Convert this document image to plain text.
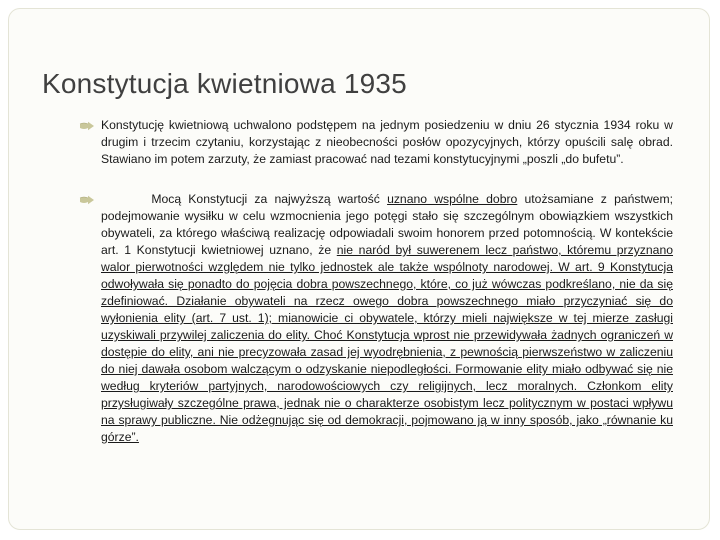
Konstytucja kwietniowa 1935
Konstytucję kwietniową uchwalono podstępem na jednym posiedzeniu w dniu 26 stycznia 1934 roku w drugim i trzecim czytaniu, korzystając z nieobecności posłów opozycyjnych, którzy opuścili salę obrad. Stawiano im potem zarzuty, że zamiast pracować nad tezami konstytucyjnymi „poszli „do bufetu”.
Mocą Konstytucji za najwyższą wartość uznano wspólne dobro utożsamiane z państwem; podejmowanie wysiłku w celu wzmocnienia jego potęgi stało się szczególnym obowiązkiem wszystkich obywateli, za którego właściwą realizację odpowiadali swoim honorem przed potomnością. W kontekście art. 1 Konstytucji kwietniowej uznano, że nie naród był suwerenem lecz państwo, któremu przyznano walor pierwotności względem nie tylko jednostek ale także wspólnoty narodowej. W art. 9 Konstytucja odwoływała się ponadto do pojęcia dobra powszechnego, które, co już wówczas podkreślano, nie da się zdefiniować. Działanie obywateli na rzecz owego dobra powszechnego miało przyczyniać się do wyłonienia elity (art. 7 ust. 1); mianowicie ci obywatele, którzy mieli największe w tej mierze zasługi uzyskiwali przywilej zaliczenia do elity. Choć Konstytucja wprost nie przewidywała żadnych ograniczeń w dostępie do elity, ani nie precyzowała zasad jej wyodrębnienia, z pewnością pierwszeństwo w zaliczeniu do niej dawała osobom walczącym o odzyskanie niepodległości. Formowanie elity miało odbywać się nie według kryteriów partyjnych, narodowościowych czy religijnych, lecz moralnych. Członkom elity przysługiwały szczególne prawa, jednak nie o charakterze osobistym lecz politycznym w postaci wpływu na sprawy publiczne. Nie odżegnując się od demokracji, pojmowano ją w inny sposób, jako „równanie ku górze”.
